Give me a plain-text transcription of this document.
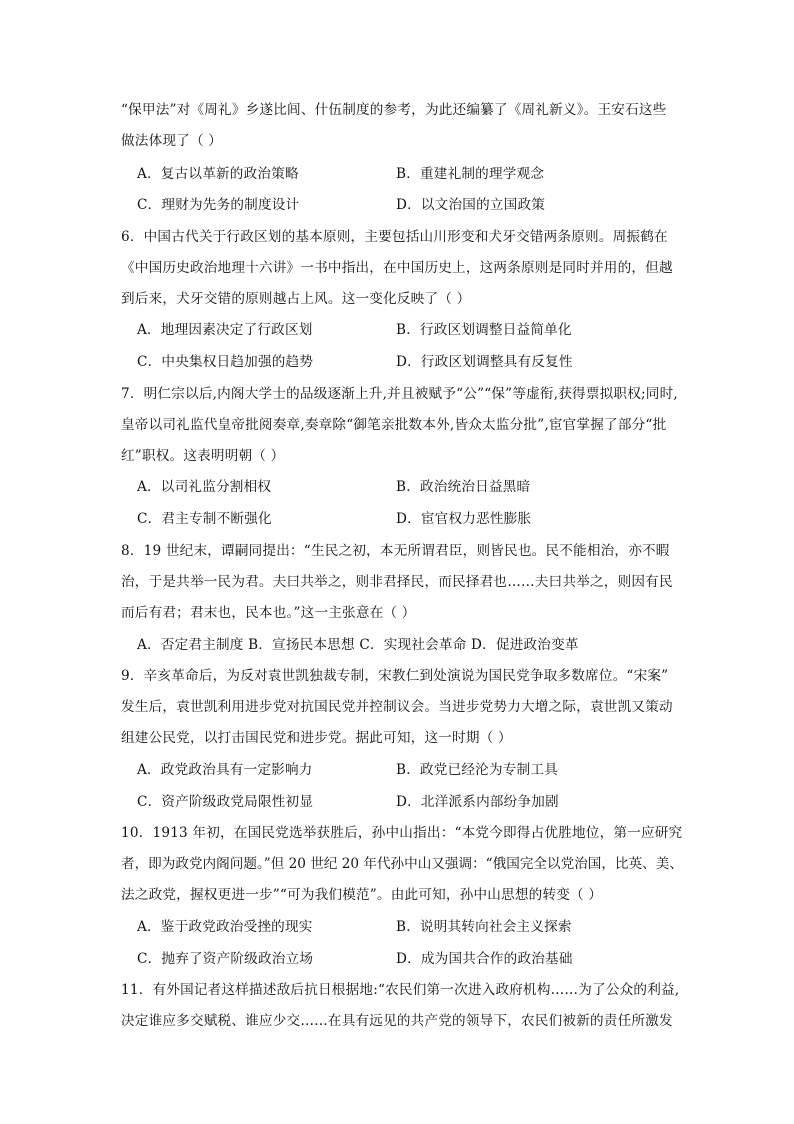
“保甲法”对《周礼》乡遂比闾、什伍制度的参考，为此还编纂了《周礼新义》。王安石这些
做法体现了（ ）
A．复古以革新的政治策略	B．重建礼制的理学观念
C．理财为先务的制度设计	D．以文治国的立国政策
6．中国古代关于行政区划的基本原则，主要包括山川形变和犬牙交错两条原则。周振鹤在
《中国历史政治地理十六讲》一书中指出，在中国历史上，这两条原则是同时并用的，但越
到后来，犬牙交错的原则越占上风。这一变化反映了（ ）
A．地理因素决定了行政区划	B．行政区划调整日益简单化
C．中央集权日趋加强的趋势	D．行政区划调整具有反复性
7．明仁宗以后,内阁大学士的品级逐渐上升,并且被赋予“公”“保”等虚衔,获得票拟职权;同时,
皇帝以司礼监代皇帝批阅奏章,奏章除“御笔亲批数本外,皆众太监分批”,宦官掌握了部分“批
红”职权。这表明明朝（ ）
A．以司礼监分割相权	B．政治统治日益黑暗
C．君主专制不断强化	D．宦官权力恶性膨胀
8．19 世纪末，谭嗣同提出：“生民之初，本无所谓君臣，则皆民也。民不能相治，亦不暇
治，于是共举一民为君。夫曰共举之，则非君择民，而民择君也……夫曰共举之，则因有民
而后有君；君末也，民本也。”这一主张意在（ ）
A．否定君主制度 B．宣扬民本思想 C．实现社会革命 D．促进政治变革
9．辛亥革命后，为反对袁世凯独裁专制，宋教仁到处演说为国民党争取多数席位。“宋案”
发生后，袁世凯利用进步党对抗国民党并控制议会。当进步党势力大增之际，袁世凯又策动
组建公民党，以打击国民党和进步党。据此可知，这一时期（ ）
A．政党政治具有一定影响力	B．政党已经沦为专制工具
C．资产阶级政党局限性初显	D．北洋派系内部纷争加剧
10．1913 年初，在国民党选举获胜后，孙中山指出：“本党今即得占优胜地位，第一应研究
者，即为政党内阁问题。”但 20 世纪 20 年代孙中山又强调：“俄国完全以党治国，比英、美、
法之政党，握权更进一步”“可为我们模范”。由此可知，孙中山思想的转变（ ）
A．鉴于政党政治受挫的现实	B．说明其转向社会主义探索
C．抛弃了资产阶级政治立场	D．成为国共合作的政治基础
11．有外国记者这样描述敌后抗日根据地:“农民们第一次进入政府机构……为了公众的利益,
决定谁应多交赋税、谁应少交……在具有远见的共产党的领导下，农民们被新的责任所激发
